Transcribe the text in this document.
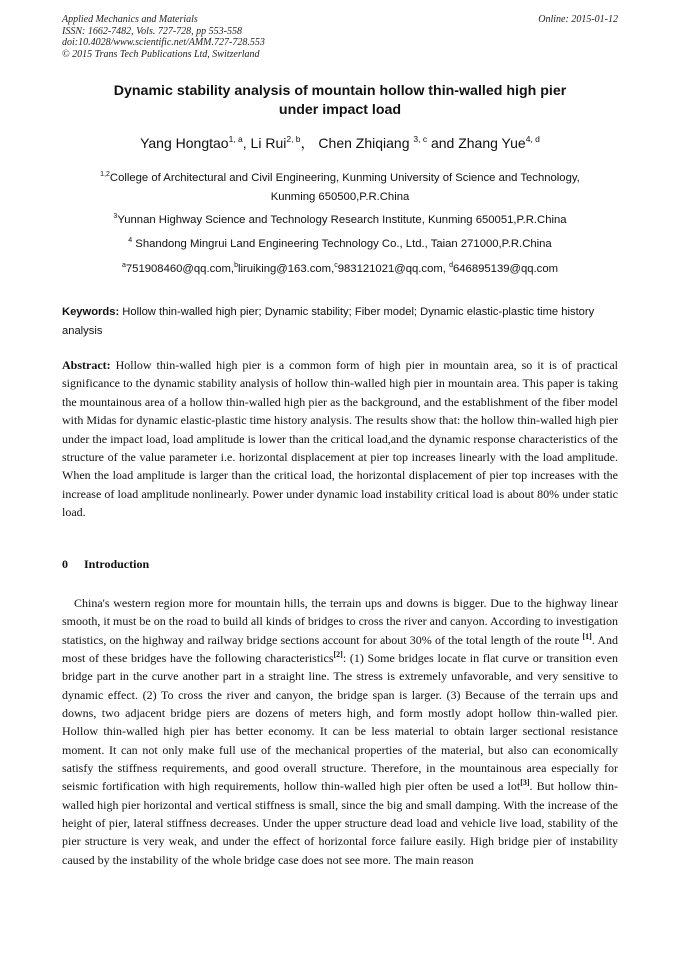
Applied Mechanics and Materials
ISSN: 1662-7482, Vols. 727-728, pp 553-558
doi:10.4028/www.scientific.net/AMM.727-728.553
© 2015 Trans Tech Publications Ltd, Switzerland
Online: 2015-01-12
Dynamic stability analysis of mountain hollow thin-walled high pier
under impact load
Yang Hongtao$^{1, a}$, Li Rui$^{2, b}$， Chen Zhiqiang $^{3, c}$ and Zhang Yue$^{4, d}$
$^{1,2}$College of Architectural and Civil Engineering, Kunming University of Science and Technology,
Kunming 650500,P.R.China
$^3$Yunnan Highway Science and Technology Research Institute, Kunming 650051,P.R.China
$^4$ Shandong Mingrui Land Engineering Technology Co., Ltd., Taian 271000,P.R.China
$^a$751908460@qq.com,$^b$liruiking@163.com,$^c$983121021@qq.com, $^d$646895139@qq.com
Keywords: Hollow thin-walled high pier; Dynamic stability; Fiber model; Dynamic elastic-plastic time history analysis
Abstract: Hollow thin-walled high pier is a common form of high pier in mountain area, so it is of practical significance to the dynamic stability analysis of hollow thin-walled high pier in mountain area. This paper is taking the mountainous area of a hollow thin-walled high pier as the background, and the establishment of the fiber model with Midas for dynamic elastic-plastic time history analysis. The results show that: the hollow thin-walled high pier under the impact load, load amplitude is lower than the critical load,and the dynamic response characteristics of the structure of the value parameter i.e. horizontal displacement at pier top increases linearly with the load amplitude. When the load amplitude is larger than the critical load, the horizontal displacement of pier top increases with the increase of load amplitude nonlinearly. Power under dynamic load instability critical load is about 80% under static load.
0 Introduction
China's western region more for mountain hills, the terrain ups and downs is bigger. Due to the highway linear smooth, it must be on the road to build all kinds of bridges to cross the river and canyon. According to investigation statistics, on the highway and railway bridge sections account for about 30% of the total length of the route [1]. And most of these bridges have the following characteristics[2]: (1) Some bridges locate in flat curve or transition even bridge part in the curve another part in a straight line. The stress is extremely unfavorable, and very sensitive to dynamic effect. (2) To cross the river and canyon, the bridge span is larger. (3) Because of the terrain ups and downs, two adjacent bridge piers are dozens of meters high, and form mostly adopt hollow thin-walled pier. Hollow thin-walled high pier has better economy. It can be less material to obtain larger sectional resistance moment. It can not only make full use of the mechanical properties of the material, but also can economically satisfy the stiffness requirements, and good overall structure. Therefore, in the mountainous area especially for seismic fortification with high requirements, hollow thin-walled high pier often be used a lot[3]. But hollow thin-walled high pier horizontal and vertical stiffness is small, since the big and small damping. With the increase of the height of pier, lateral stiffness decreases. Under the upper structure dead load and vehicle live load, stability of the pier structure is very weak, and under the effect of horizontal force failure easily. High bridge pier of instability caused by the instability of the whole bridge case does not see more. The main reason
